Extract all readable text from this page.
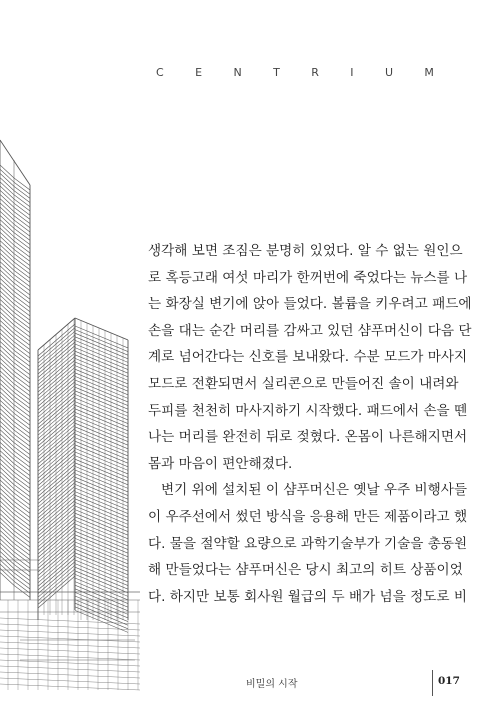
C	E	N	T	R	I	U	M

생각해 보면 조짐은 분명히 있었다. 알 수 없는 원인으
로 혹등고래 여섯 마리가 한꺼번에 죽었다는 뉴스를 나
는 화장실 변기에 앉아 들었다. 볼륨을 키우려고 패드에
손을 대는 순간 머리를 감싸고 있던 샴푸머신이 다음 단
계로 넘어간다는 신호를 보내왔다. 수분 모드가 마사지
모드로 전환되면서 실리콘으로 만들어진 솔이 내려와
두피를 천천히 마사지하기 시작했다. 패드에서 손을 뗀
나는 머리를 완전히 뒤로 젖혔다. 온몸이 나른해지면서
몸과 마음이 편안해졌다.

변기 위에 설치된 이 샴푸머신은 옛날 우주 비행사들
이 우주선에서 썼던 방식을 응용해 만든 제품이라고 했
다. 물을 절약할 요량으로 과학기술부가 기술을 총동원
해 만들었다는 샴푸머신은 당시 최고의 히트 상품이었
다. 하지만 보통 회사원 월급의 두 배가 넘을 정도로 비

비밀의 시작	017
